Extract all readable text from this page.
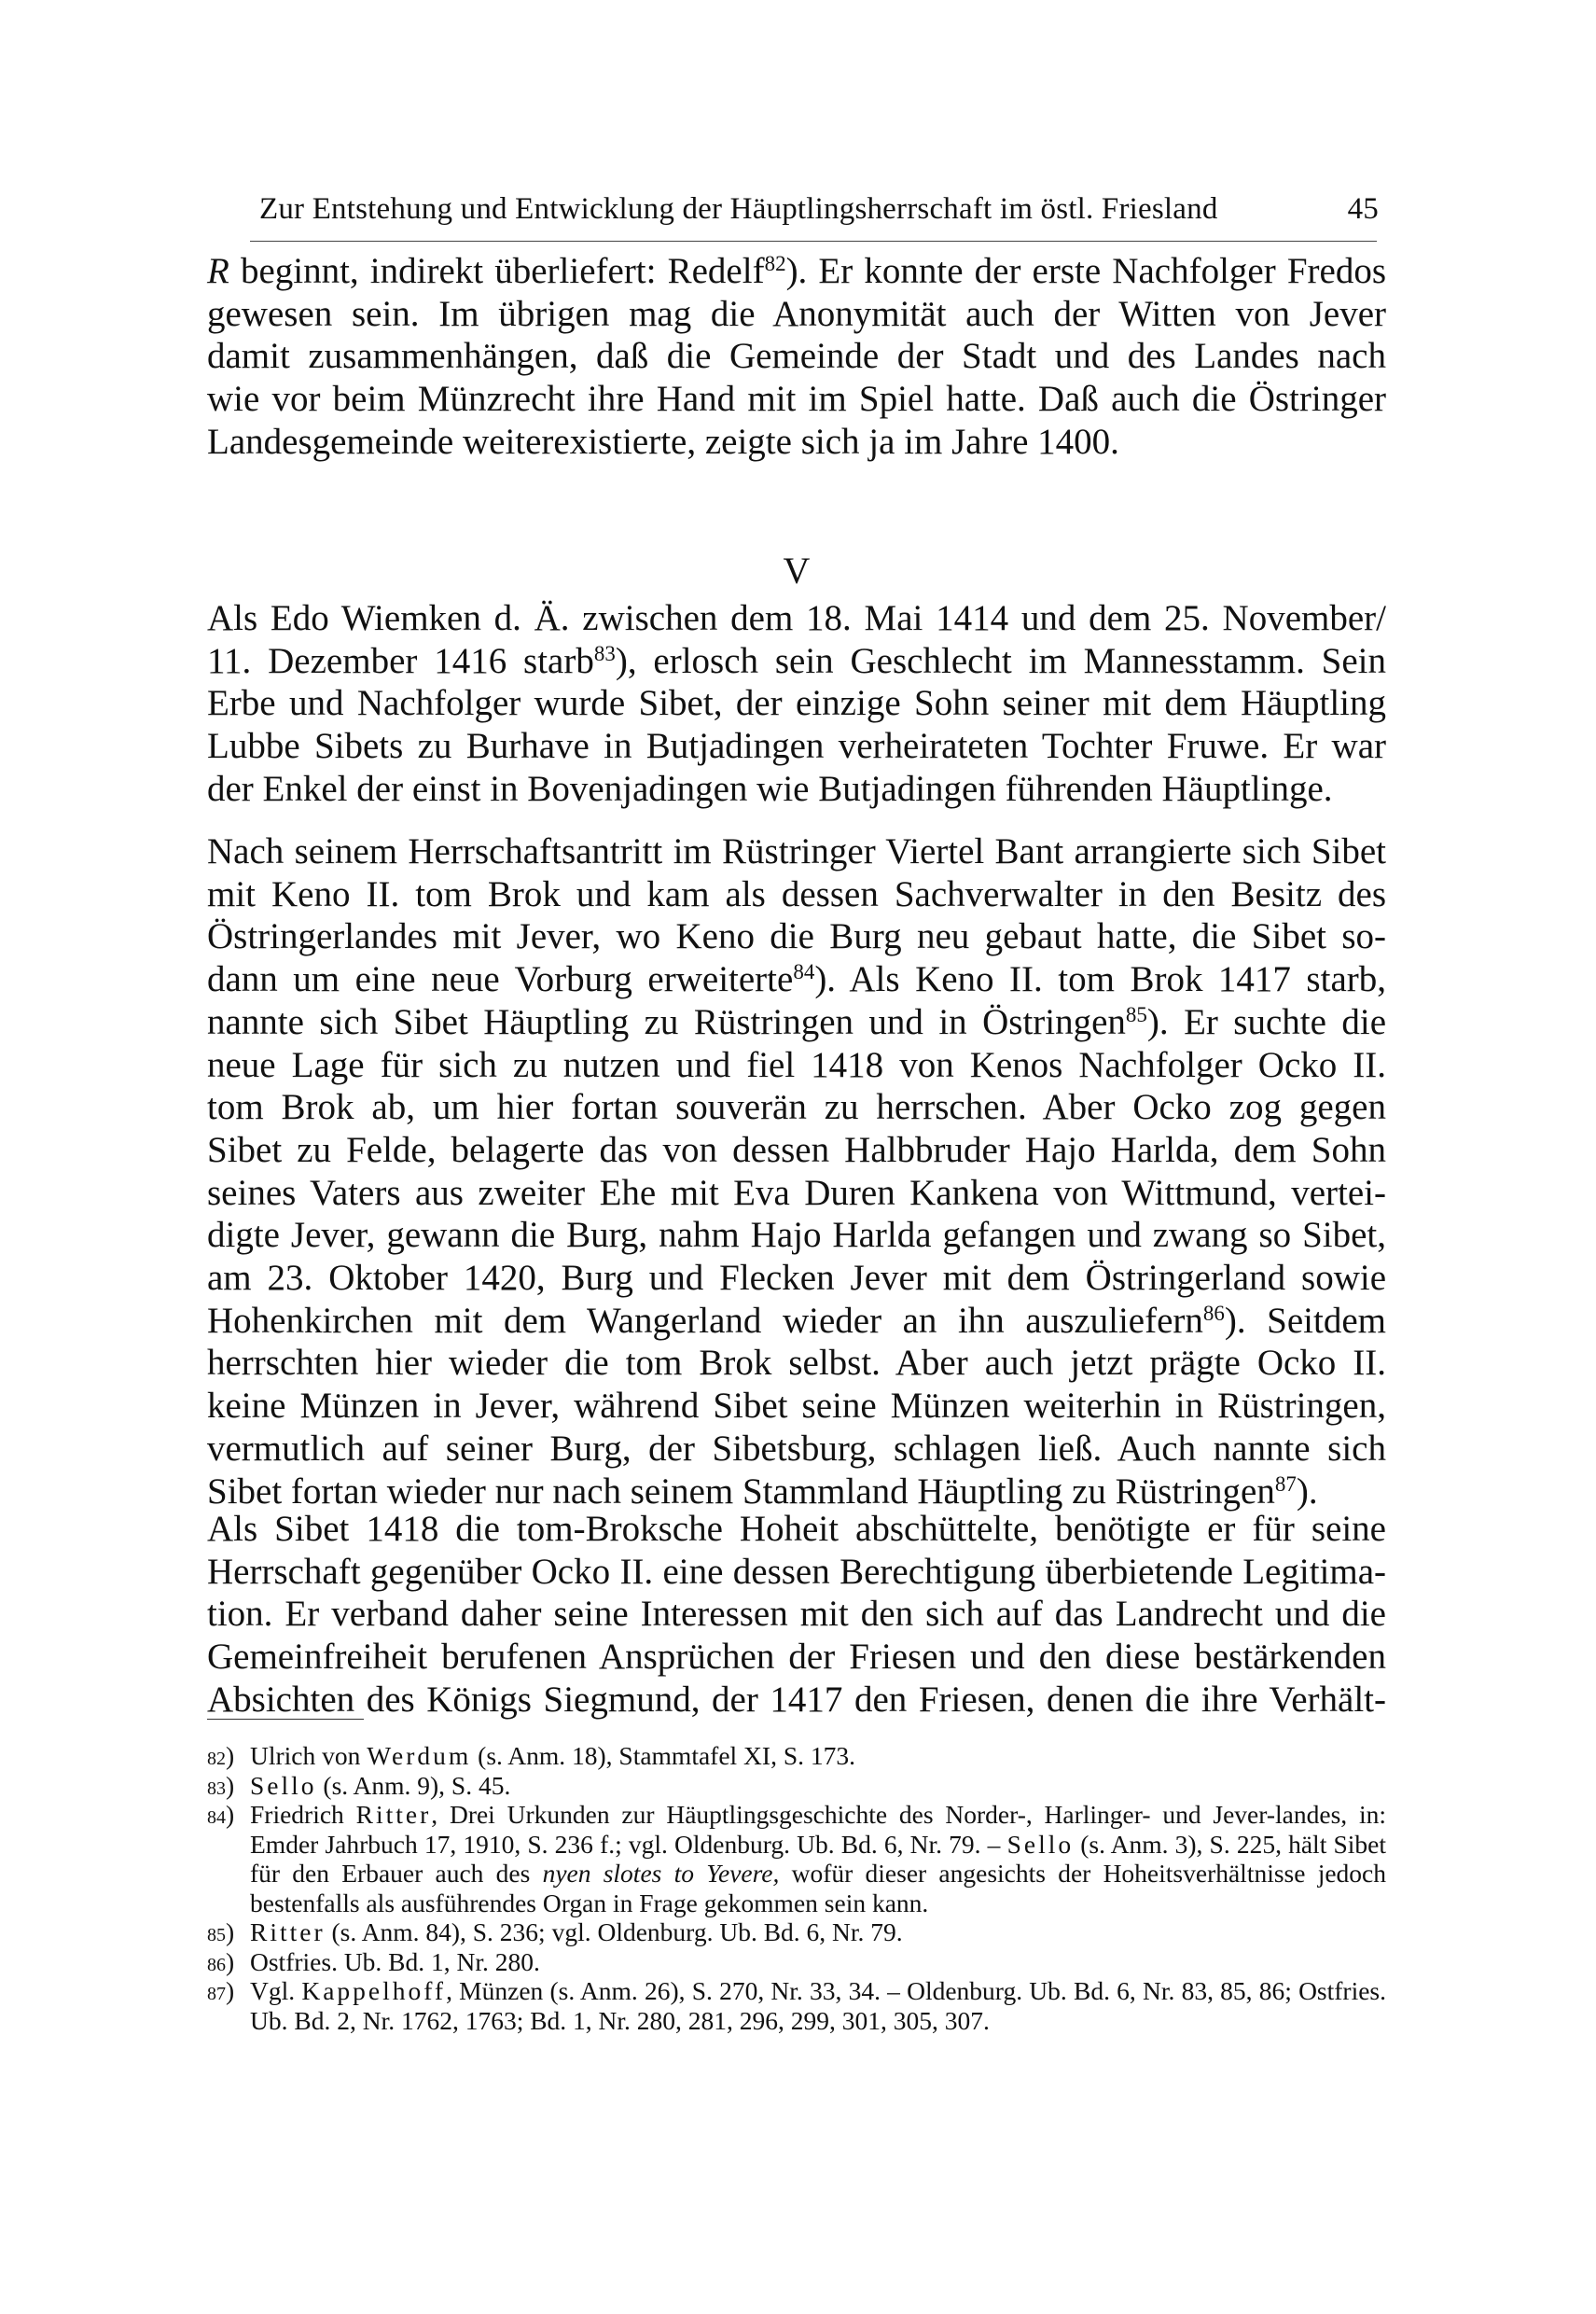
Zur Entstehung und Entwicklung der Häuptlingsherrschaft im östl. Friesland	45

R beginnt, indirekt überliefert: Redelf$^{82}$). Er konnte der erste Nachfolger Fredos
gewesen sein. Im übrigen mag die Anonymität auch der Witten von Jever
damit zusammenhängen, daß die Gemeinde der Stadt und des Landes nach
wie vor beim Münzrecht ihre Hand mit im Spiel hatte. Daß auch die Östringer
Landesgemeinde weiterexistierte, zeigte sich ja im Jahre 1400.

V

Als Edo Wiemken d. Ä. zwischen dem 18. Mai 1414 und dem 25. November/
11. Dezember 1416 starb$^{83}$), erlosch sein Geschlecht im Mannesstamm. Sein
Erbe und Nachfolger wurde Sibet, der einzige Sohn seiner mit dem Häuptling
Lubbe Sibets zu Burhave in Butjadingen verheirateten Tochter Fruwe. Er war
der Enkel der einst in Bovenjadingen wie Butjadingen führenden Häuptlinge.

Nach seinem Herrschaftsantritt im Rüstringer Viertel Bant arrangierte sich Sibet
mit Keno II. tom Brok und kam als dessen Sachverwalter in den Besitz des
Östringerlandes mit Jever, wo Keno die Burg neu gebaut hatte, die Sibet so-
dann um eine neue Vorburg erweiterte$^{84}$). Als Keno II. tom Brok 1417 starb,
nannte sich Sibet Häuptling zu Rüstringen und in Östringen$^{85}$). Er suchte die
neue Lage für sich zu nutzen und fiel 1418 von Kenos Nachfolger Ocko II.
tom Brok ab, um hier fortan souverän zu herrschen. Aber Ocko zog gegen
Sibet zu Felde, belagerte das von dessen Halbbruder Hajo Harlda, dem Sohn
seines Vaters aus zweiter Ehe mit Eva Duren Kankena von Wittmund, vertei-
digte Jever, gewann die Burg, nahm Hajo Harlda gefangen und zwang so Sibet,
am 23. Oktober 1420, Burg und Flecken Jever mit dem Östringerland sowie
Hohenkirchen mit dem Wangerland wieder an ihn auszuliefern$^{86}$). Seitdem
herrschten hier wieder die tom Brok selbst. Aber auch jetzt prägte Ocko II.
keine Münzen in Jever, während Sibet seine Münzen weiterhin in Rüstringen,
vermutlich auf seiner Burg, der Sibetsburg, schlagen ließ. Auch nannte sich
Sibet fortan wieder nur nach seinem Stammland Häuptling zu Rüstringen$^{87}$).

Als Sibet 1418 die tom-Broksche Hoheit abschüttelte, benötigte er für seine
Herrschaft gegenüber Ocko II. eine dessen Berechtigung überbietende Legitima-
tion. Er verband daher seine Interessen mit den sich auf das Landrecht und die
Gemeinfreiheit berufenen Ansprüchen der Friesen und den diese bestärkenden
Absichten des Königs Siegmund, der 1417 den Friesen, denen die ihre Verhält-

82) Ulrich von Werdum (s. Anm. 18), Stammtafel XI, S. 173.
83) Sello (s. Anm. 9), S. 45.
84) Friedrich Ritter, Drei Urkunden zur Häuptlingsgeschichte des Norder-, Harlinger- und Jever-landes, in: Emder Jahrbuch 17, 1910, S. 236 f.; vgl. Oldenburg. Ub. Bd. 6, Nr. 79. – Sello (s. Anm. 3), S. 225, hält Sibet für den Erbauer auch des nyen slotes to Yevere, wofür dieser angesichts der Hoheitsverhältnisse jedoch bestenfalls als ausführendes Organ in Frage gekommen sein kann.
85) Ritter (s. Anm. 84), S. 236; vgl. Oldenburg. Ub. Bd. 6, Nr. 79.
86) Ostfries. Ub. Bd. 1, Nr. 280.
87) Vgl. Kappelhoff, Münzen (s. Anm. 26), S. 270, Nr. 33, 34. – Oldenburg. Ub. Bd. 6, Nr. 83, 85, 86; Ostfries. Ub. Bd. 2, Nr. 1762, 1763; Bd. 1, Nr. 280, 281, 296, 299, 301, 305, 307.
